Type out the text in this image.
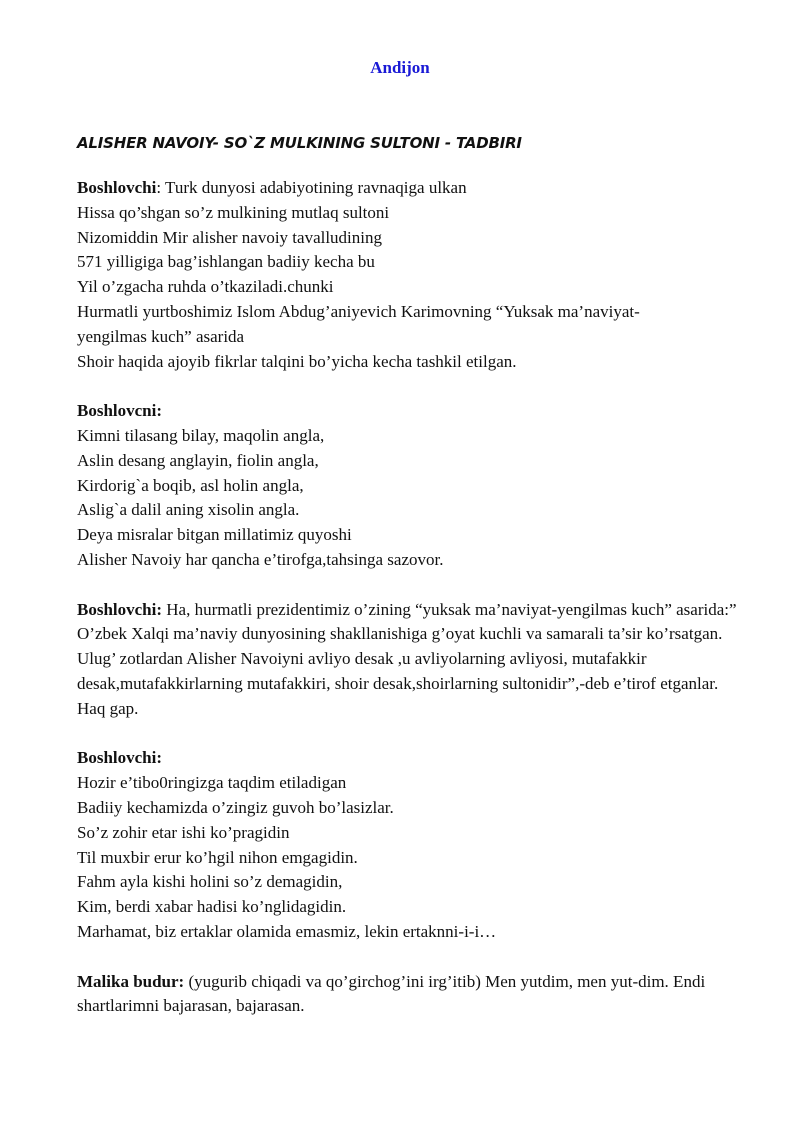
Andijon
ALISHER NAVOIY- SO`Z MULKINING SULTONI - TADBIRI
Boshlovchi: Turk dunyosi adabiyotining ravnaqiga ulkan
Hissa qo’shgan so’z mulkining mutlaq sultoni
Nizomiddin Mir alisher navoiy tavalludining
571 yilligiga bag’ishlangan badiiy kecha bu
Yil o’zgacha ruhda o’tkaziladi.chunki
Hurmatli yurtboshimiz Islom Abdug’aniyevich Karimovning “Yuksak ma’naviyat-
yengilmas kuch” asarida
Shoir haqida ajoyib fikrlar talqini bo’yicha kecha tashkil etilgan.
Boshlovcni:
Kimni tilasang bilay, maqolin angla,
Aslin desang anglayin, fiolin angla,
Kirdorig`a boqib, asl holin angla,
Aslig`a dalil aning xisolin angla.
Deya misralar bitgan millatimiz quyoshi
Alisher Navoiy har qancha e’tirofga,tahsinga sazovor.
Boshlovchi: Ha, hurmatli prezidentimiz o’zining “yuksak ma’naviyat-yengilmas kuch” asarida:” O’zbek Xalqi ma’naviy dunyosining shakllanishiga g’oyat kuchli va samarali ta’sir ko’rsatgan. Ulug’ zotlardan Alisher Navoiyni avliyo desak ,u avliyolarning avliyosi, mutafakkir desak,mutafakkirlarning mutafakkiri, shoir desak,shoirlarning sultonidir”,-deb e’tirof etganlar. Haq gap.
Boshlovchi:
Hozir e’tibo0ringizga taqdim etiladigan
Badiiy kechamizda o’zingiz guvoh bo’lasizlar.
So’z zohir etar ishi ko’pragidin
Til muxbir erur ko’hgil nihon emgagidin.
Fahm ayla kishi holini so’z demagidin,
Kim, berdi xabar hadisi ko’nglidagidin.
Marhamat, biz ertaklar olamida emasmiz, lekin ertaknni-i-i…
Malika budur: (yugurib chiqadi va qo’girchog’ini irg’itib) Men yutdim, men yut-dim. Endi shartlarimni bajarasan, bajarasan.
